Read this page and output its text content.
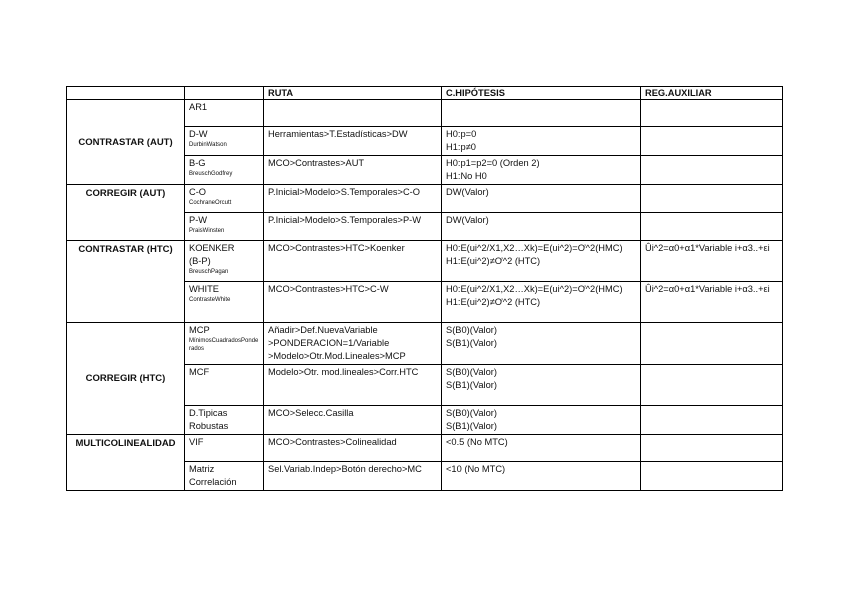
		RUTA	C.HIPÓTESIS	REG.AUXILIAR
CONTRASTAR (AUT)	AR1			

	D-W
DurbinWatson	Herramientas>T.Estadísticas>DW	H0:p=0
H1:p≠0	

	B-G
BreuschGodfrey	MCO>Contrastes>AUT	H0:p1=p2=0 (Orden 2)
H1:No H0	

CORREGIR (AUT)	C-O
CochraneOrcutt	P.Inicial>Modelo>S.Temporales>C-O	DW(Valor)	

	P-W
PraisWinsten	P.Inicial>Modelo>S.Temporales>P-W	DW(Valor)	

CONTRASTAR (HTC)	KOENKER
(B-P)
BreuschPagan	MCO>Contrastes>HTC>Koenker	H0:E(ui^2/X1,X2…Xk)=E(ui^2)=Ơ^2(HMC)
H1:E(ui^2)≠Ơ^2 (HTC)	Ûi^2=α0+α1*Variable i+α3..+εi

	WHITE
ContrasteWhite	MCO>Contrastes>HTC>C-W	H0:E(ui^2/X1,X2…Xk)=E(ui^2)=Ơ^2(HMC)
H1:E(ui^2)≠Ơ^2 (HTC)	Ûi^2=α0+α1*Variable i+α3..+εi

CORREGIR (HTC)	MCP
MínimosCuadradosPonderados	Añadir>Def.NuevaVariable
>PONDERACION=1/Variable
>Modelo>Otr.Mod.Lineales>MCP	S(B0)(Valor)
S(B1)(Valor)	

	MCF	Modelo>Otr. mod.lineales>Corr.HTC	S(B0)(Valor)
S(B1)(Valor)	

	D.Tipicas
Robustas	MCO>Selecc.Casilla	S(B0)(Valor)
S(B1)(Valor)	

MULTICOLINEALIDAD	VIF	MCO>Contrastes>Colinealidad	<0.5 (No MTC)	

	Matriz
Correlación	Sel.Variab.Indep>Botón derecho>MC	<10 (No MTC)	
